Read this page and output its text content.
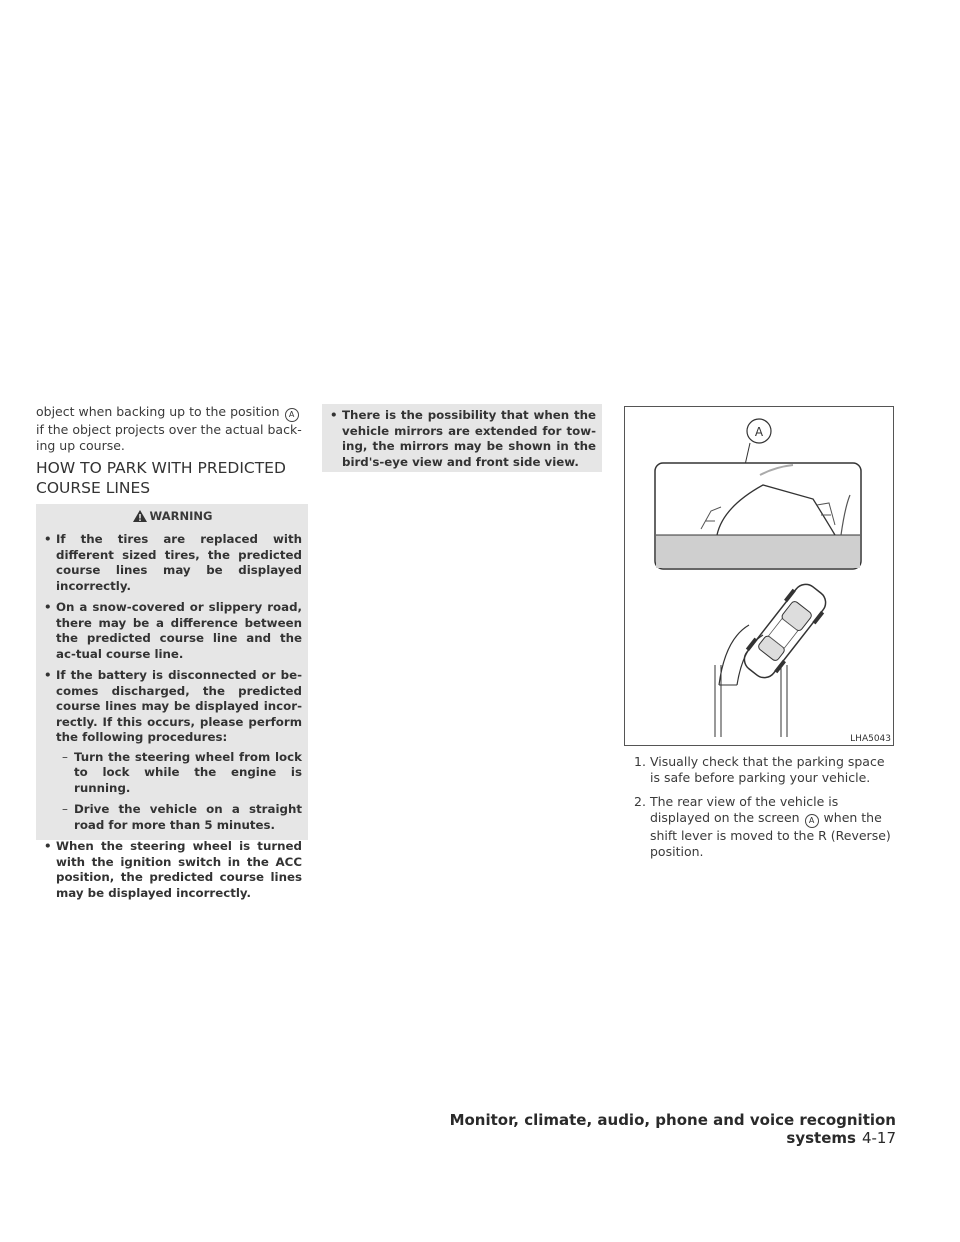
object when backing up to the position A if the object projects over the actual back-ing up course.

HOW TO PARK WITH PREDICTED
COURSE LINES
WARNING
• If the tires are replaced with different sized tires, the predicted course lines may be displayed incorrectly.
• On a snow-covered or slippery road, there may be a difference between the predicted course line and the ac-tual course line.
• If the battery is disconnected or be-comes discharged, the predicted course lines may be displayed incor-rectly. If this occurs, please perform the following procedures:
– Turn the steering wheel from lock to lock while the engine is running.
– Drive the vehicle on a straight road for more than 5 minutes.
• When the steering wheel is turned with the ignition switch in the ACC position, the predicted course lines may be displayed incorrectly.
• There is the possibility that when the vehicle mirrors are extended for tow-ing, the mirrors may be shown in the bird's-eye view and front side view.
A
LHA5043
1. Visually check that the parking space is safe before parking your vehicle.
2. The rear view of the vehicle is displayed on the screen A when the shift lever is moved to the R (Reverse) position.
Monitor, climate, audio, phone and voice recognition systems 4-17
